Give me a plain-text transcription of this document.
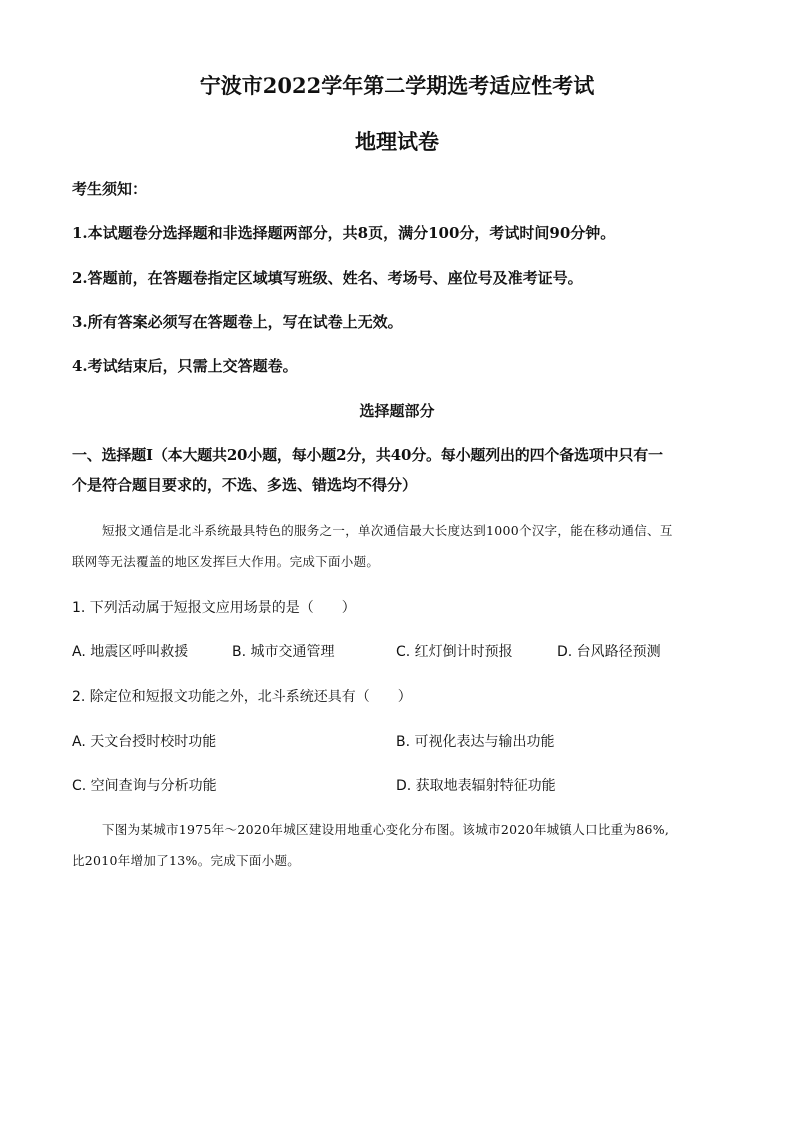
宁波市2022学年第二学期选考适应性考试
地理试卷
考生须知：
1.本试题卷分选择题和非选择题两部分，共8页，满分100分，考试时间90分钟。
2.答题前，在答题卷指定区域填写班级、姓名、考场号、座位号及准考证号。
3.所有答案必须写在答题卷上，写在试卷上无效。
4.考试结束后，只需上交答题卷。
选择题部分
一、选择题Ⅰ（本大题共20小题，每小题2分，共40分。每小题列出的四个备选项中只有一
个是符合题目要求的，不选、多选、错选均不得分）
短报文通信是北斗系统最具特色的服务之一，单次通信最大长度达到1000个汉字，能在移动通信、互
联网等无法覆盖的地区发挥巨大作用。完成下面小题。
1. 下列活动属于短报文应用场景的是（　　）
A. 地震区呼叫救援	B. 城市交通管理	C. 红灯倒计时预报	D. 台风路径预测
2. 除定位和短报文功能之外，北斗系统还具有（　　）
A. 天文台授时校时功能	B. 可视化表达与输出功能
C. 空间查询与分析功能	D. 获取地表辐射特征功能
下图为某城市1975年～2020年城区建设用地重心变化分布图。该城市2020年城镇人口比重为86%,
比2010年增加了13%。完成下面小题。
